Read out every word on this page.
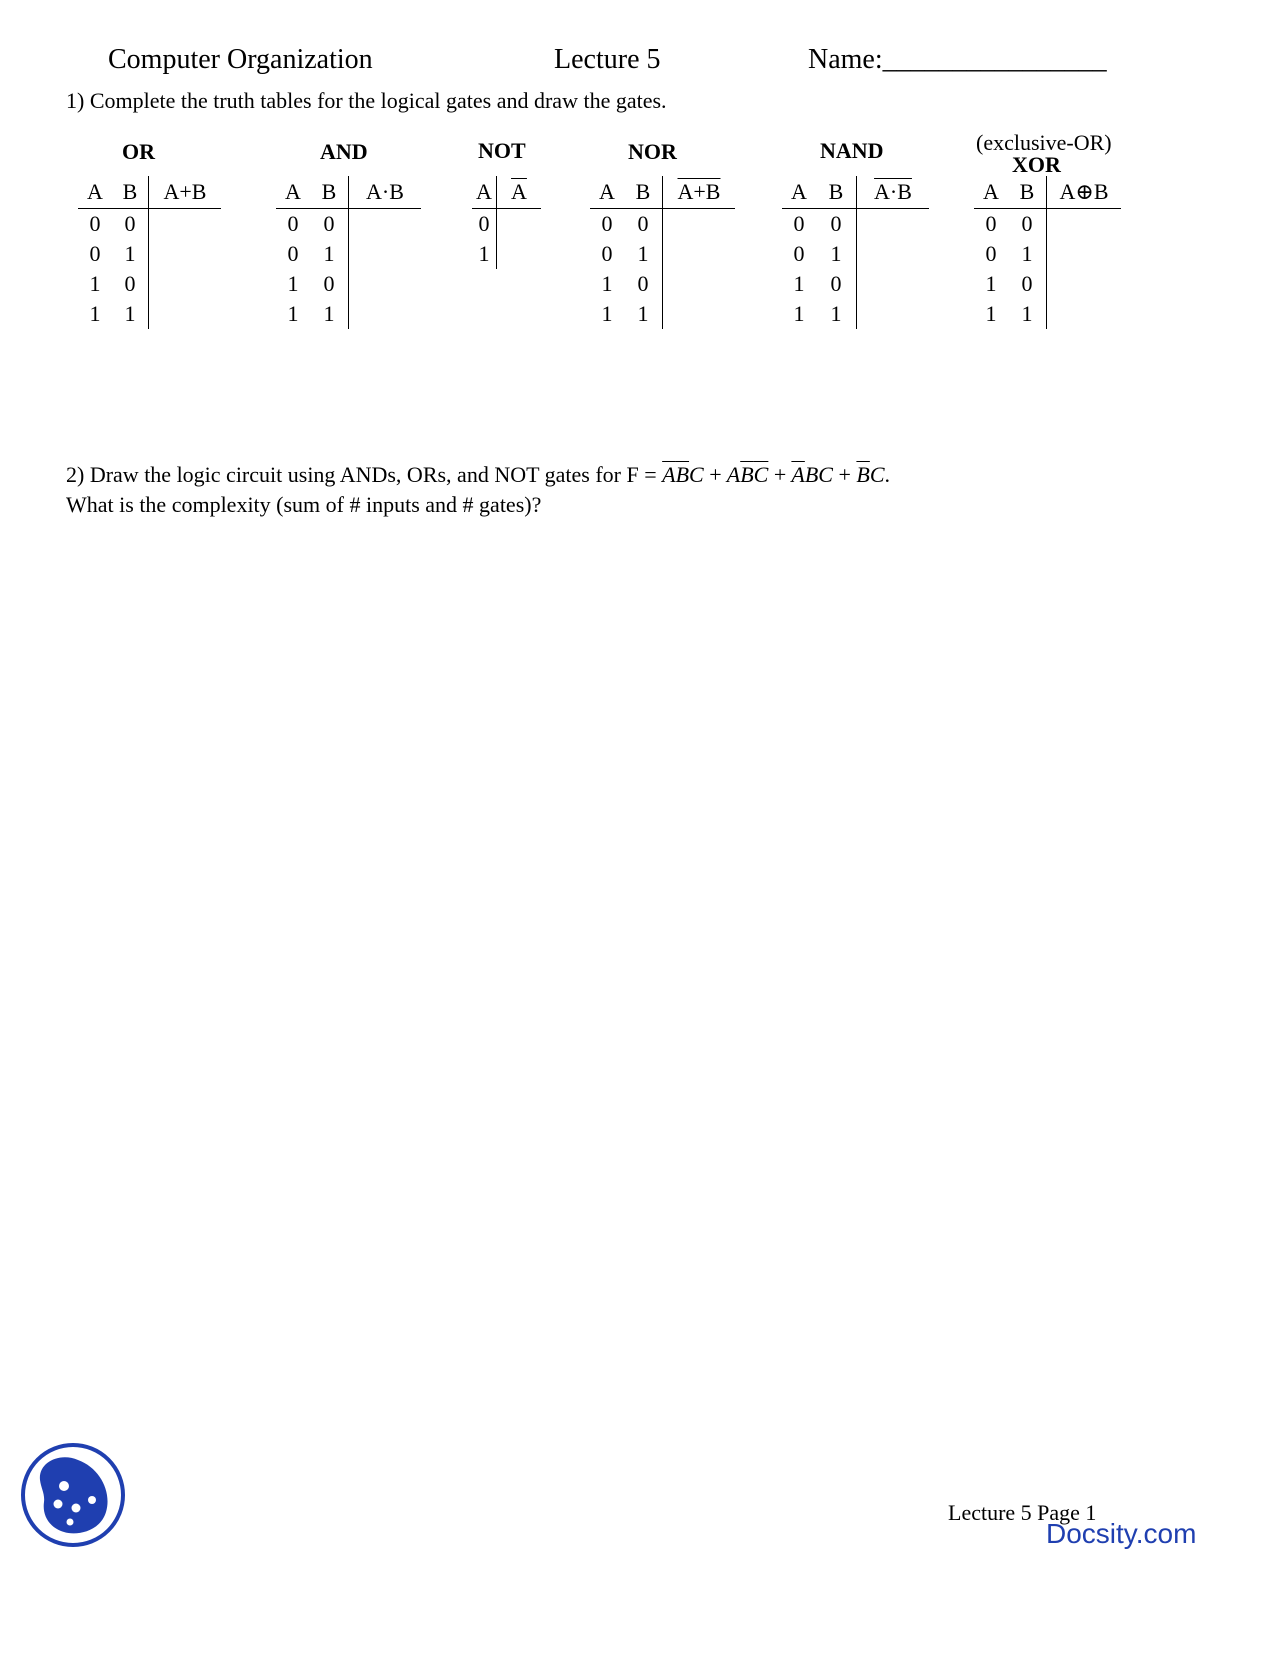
Computer Organization	Lecture 5	Name:________________
1) Complete the truth tables for the logical gates and draw the gates.
OR
A	B	A+B
0	0	
0	1	
1	0	
1	1	
AND
A	B	A·B
0	0	
0	1	
1	0	
1	1	
NOT
A	$\overline{A}$
0	
1	
NOR
A	B	A+B
0	0	
0	1	
1	0	
1	1	
NAND
A	B	A·B
0	0	
0	1	
1	0	
1	1	
(exclusive-OR)
XOR
A	B	A⊕B
0	0	
0	1	
1	0	
1	1	
2) Draw the logic circuit using ANDs, ORs, and NOT gates for $F = \overline{A}\overline{B}C + A\overline{B}\overline{C} + \overline{A}BC + \overline{B}C$.
What is the complexity (sum of # inputs and # gates)?
Lecture 5 Page 1
Docsity.com
